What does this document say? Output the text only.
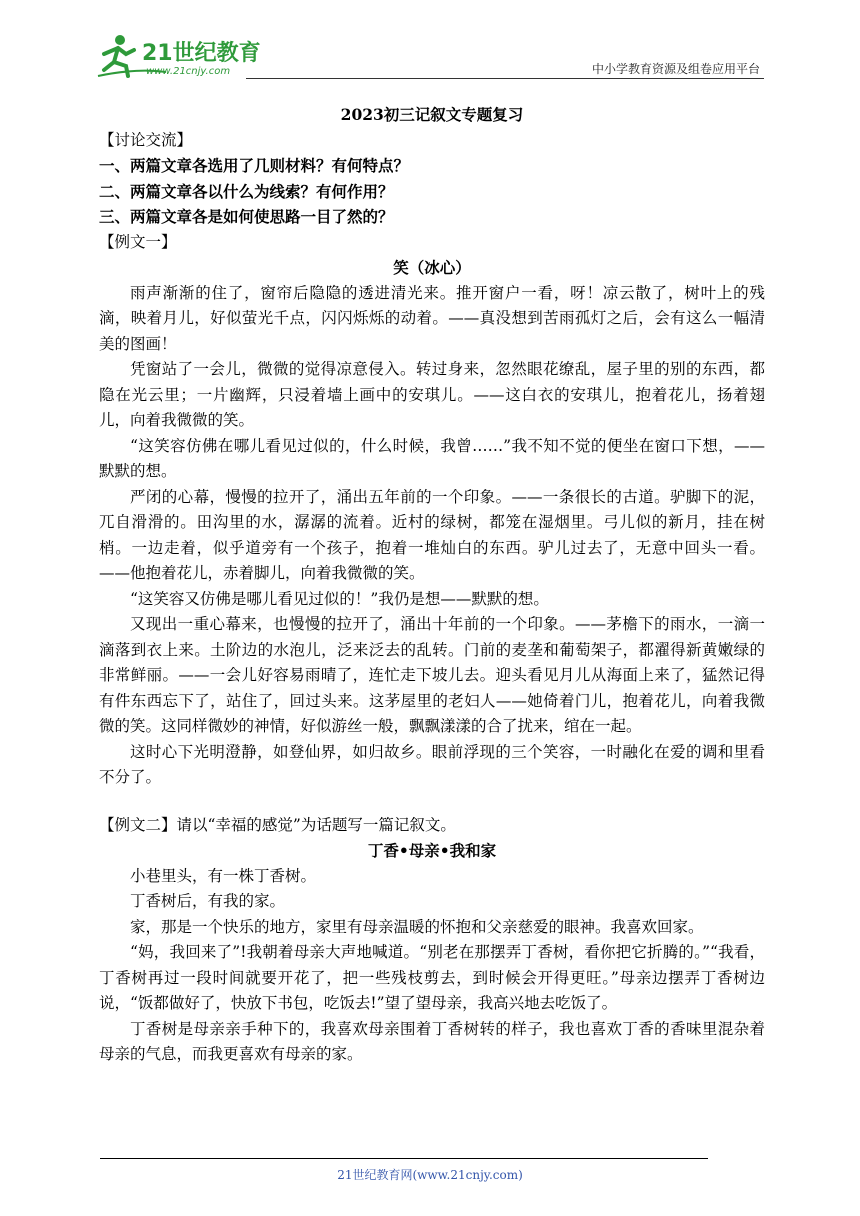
21世纪教育
www.21cnjy.com	中小学教育资源及组卷应用平台

2023初三记叙文专题复习

【讨论交流】

一、两篇文章各选用了几则材料？有何特点？

二、两篇文章各以什么为线索？有何作用？

三、两篇文章各是如何使思路一目了然的？

【例文一】

笑（冰心）

雨声渐渐的住了，窗帘后隐隐的透进清光来。推开窗户一看，呀！凉云散了，树叶上的残滴，映着月儿，好似萤光千点，闪闪烁烁的动着。——真没想到苦雨孤灯之后，会有这么一幅清美的图画！

凭窗站了一会儿，微微的觉得凉意侵入。转过身来，忽然眼花缭乱，屋子里的别的东西，都隐在光云里；一片幽辉，只浸着墙上画中的安琪儿。——这白衣的安琪儿，抱着花儿，扬着翅儿，向着我微微的笑。

“这笑容仿佛在哪儿看见过似的，什么时候，我曾……”我不知不觉的便坐在窗口下想，——默默的想。

严闭的心幕，慢慢的拉开了，涌出五年前的一个印象。——一条很长的古道。驴脚下的泥，兀自滑滑的。田沟里的水，潺潺的流着。近村的绿树，都笼在湿烟里。弓儿似的新月，挂在树梢。一边走着，似乎道旁有一个孩子，抱着一堆灿白的东西。驴儿过去了，无意中回头一看。——他抱着花儿，赤着脚儿，向着我微微的笑。

“这笑容又仿佛是哪儿看见过似的！”我仍是想——默默的想。

又现出一重心幕来，也慢慢的拉开了，涌出十年前的一个印象。——茅檐下的雨水，一滴一滴落到衣上来。土阶边的水泡儿，泛来泛去的乱转。门前的麦垄和葡萄架子，都濯得新黄嫩绿的非常鲜丽。——一会儿好容易雨晴了，连忙走下坡儿去。迎头看见月儿从海面上来了，猛然记得有件东西忘下了，站住了，回过头来。这茅屋里的老妇人——她倚着门儿，抱着花儿，向着我微微的笑。这同样微妙的神情，好似游丝一般，飘飘漾漾的合了扰来，绾在一起。

这时心下光明澄静，如登仙界，如归故乡。眼前浮现的三个笑容，一时融化在爱的调和里看不分了。

【例文二】请以“幸福的感觉”为话题写一篇记叙文。

丁香•母亲•我和家

小巷里头，有一株丁香树。

丁香树后，有我的家。

家，那是一个快乐的地方，家里有母亲温暖的怀抱和父亲慈爱的眼神。我喜欢回家。

“妈，我回来了”!我朝着母亲大声地喊道。“别老在那摆弄丁香树，看你把它折腾的。”“我看，丁香树再过一段时间就要开花了，把一些残枝剪去，到时候会开得更旺。”母亲边摆弄丁香树边说，“饭都做好了，快放下书包，吃饭去!”望了望母亲，我高兴地去吃饭了。

丁香树是母亲亲手种下的，我喜欢母亲围着丁香树转的样子，我也喜欢丁香的香味里混杂着母亲的气息，而我更喜欢有母亲的家。

21世纪教育网(www.21cnjy.com)
